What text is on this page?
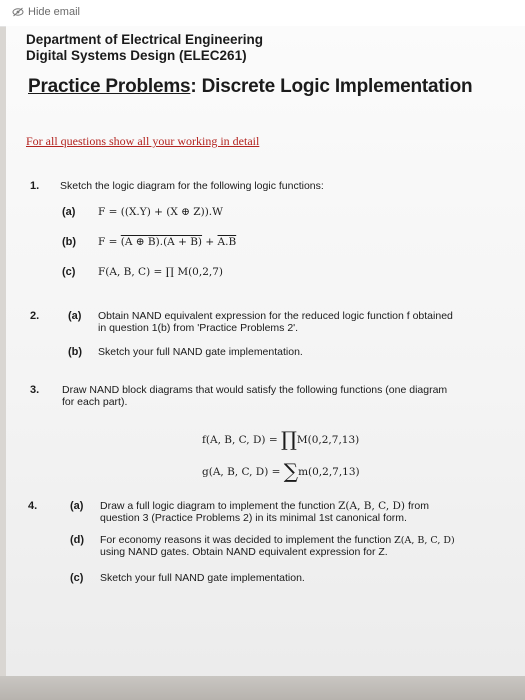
Hide email
Department of Electrical Engineering
Digital Systems Design (ELEC261)
Practice Problems: Discrete Logic Implementation
For all questions show all your working in detail
1. Sketch the logic diagram for the following logic functions:
(a) F = ((X.Y) + (X ⊕ Z)).W
(b) F = (A ⊕ B).(A + B) + A.B
(c) F(A, B, C) = ∏ M(0,2,7)
2.	(a) Obtain NAND equivalent expression for the reduced logic function f obtained
in question 1(b) from 'Practice Problems 2'.
(b) Sketch your full NAND gate implementation.
3. Draw NAND block diagrams that would satisfy the following functions (one diagram
for each part).
f(A, B, C, D) = ∏M(0,2,7,13)
g(A, B, C, D) = ∑m(0,2,7,13)
4.	(a) Draw a full logic diagram to implement the function Z(A, B, C, D) from
question 3 (Practice Problems 2) in its minimal 1st canonical form.
(d) For economy reasons it was decided to implement the function Z(A, B, C, D)
using NAND gates. Obtain NAND equivalent expression for Z.
(c) Sketch your full NAND gate implementation.
